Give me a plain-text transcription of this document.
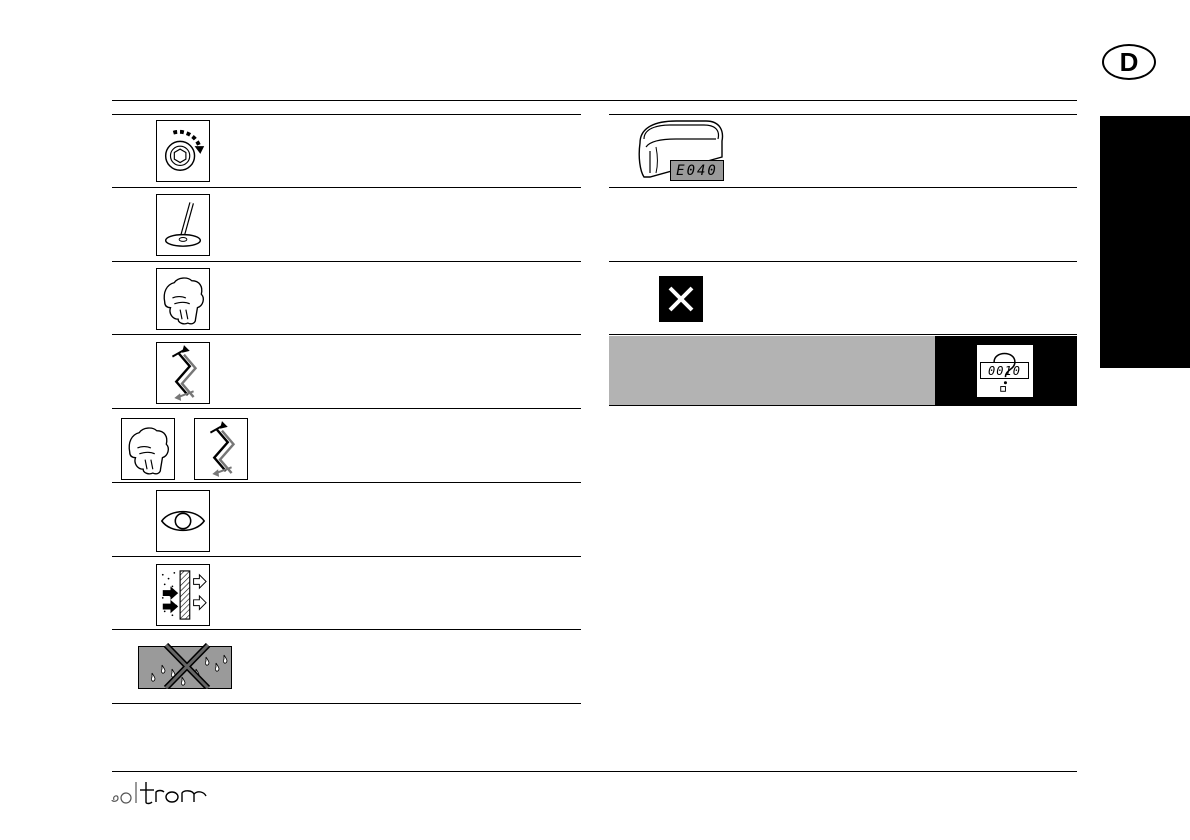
D
E040
0010
